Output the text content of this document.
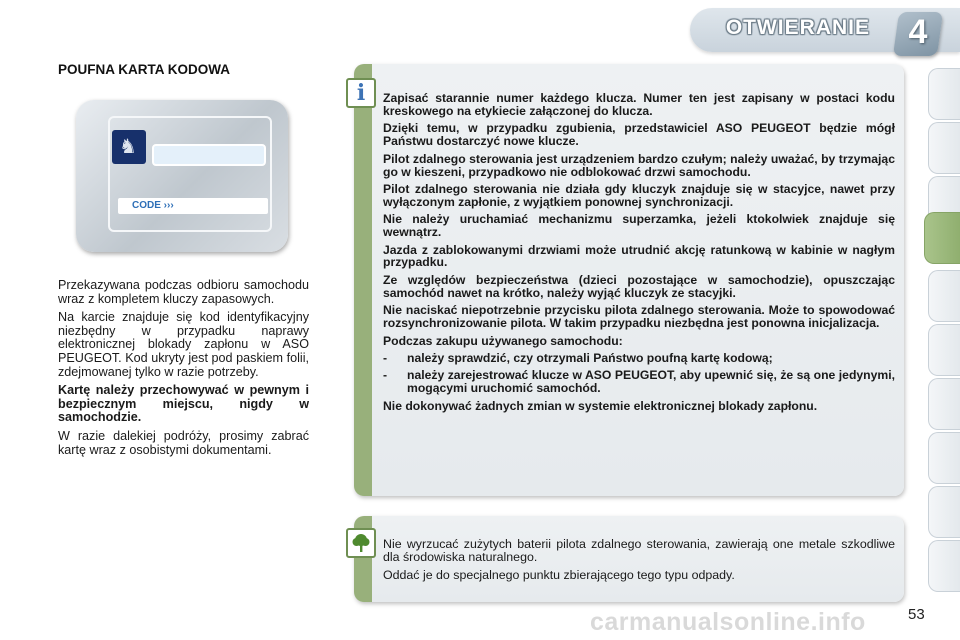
OTWIERANIE	4
POUFNA KARTA KODOWA
♞
CODE ›››

Przekazywana podczas odbioru samochodu wraz z kompletem kluczy zapasowych.

Na karcie znajduje się kod identyfikacyjny niezbędny w przypadku naprawy elektronicznej blokady zapłonu w ASO PEUGEOT. Kod ukryty jest pod paskiem folii, zdejmowanej tylko w razie potrzeby.

Kartę należy przechowywać w pewnym i bezpiecznym miejscu, nigdy w samochodzie.

W razie dalekiej podróży, prosimy zabrać kartę wraz z osobistymi dokumentami.

i	Zapisać starannie numer każdego klucza. Numer ten jest zapisany w postaci kodu kreskowego na etykiecie załączonej do klucza.

Dzięki temu, w przypadku zgubienia, przedstawiciel ASO PEUGEOT będzie mógł Państwu dostarczyć nowe klucze.

Pilot zdalnego sterowania jest urządzeniem bardzo czułym; należy uważać, by trzymając go w kieszeni, przypadkowo nie odblokować drzwi samochodu.

Pilot zdalnego sterowania nie działa gdy kluczyk znajduje się w stacyjce, nawet przy wyłączonym zapłonie, z wyjątkiem ponownej synchronizacji.

Nie należy uruchamiać mechanizmu superzamka, jeżeli ktokolwiek znajduje się wewnątrz.

Jazda z zablokowanymi drzwiami może utrudnić akcję ratunkową w kabinie w nagłym przypadku.

Ze względów bezpieczeństwa (dzieci pozostające w samochodzie), opuszczając samochód nawet na krótko, należy wyjąć kluczyk ze stacyjki.

Nie naciskać niepotrzebnie przycisku pilota zdalnego sterowania. Może to spowodować rozsynchronizowanie pilota. W takim przypadku niezbędna jest ponowna inicjalizacja.

Podczas zakupu używanego samochodu:

-	należy sprawdzić, czy otrzymali Państwo poufną kartę kodową;

-	należy zarejestrować klucze w ASO PEUGEOT, aby upewnić się, że są one jedynymi, mogącymi uruchomić samochód.

Nie dokonywać żadnych zmian w systemie elektronicznej blokady zapłonu.

Nie wyrzucać zużytych baterii pilota zdalnego sterowania, zawierają one metale szkodliwe dla środowiska naturalnego.

Oddać je do specjalnego punktu zbierającego tego typu odpady.

carmanualsonline.info	53
